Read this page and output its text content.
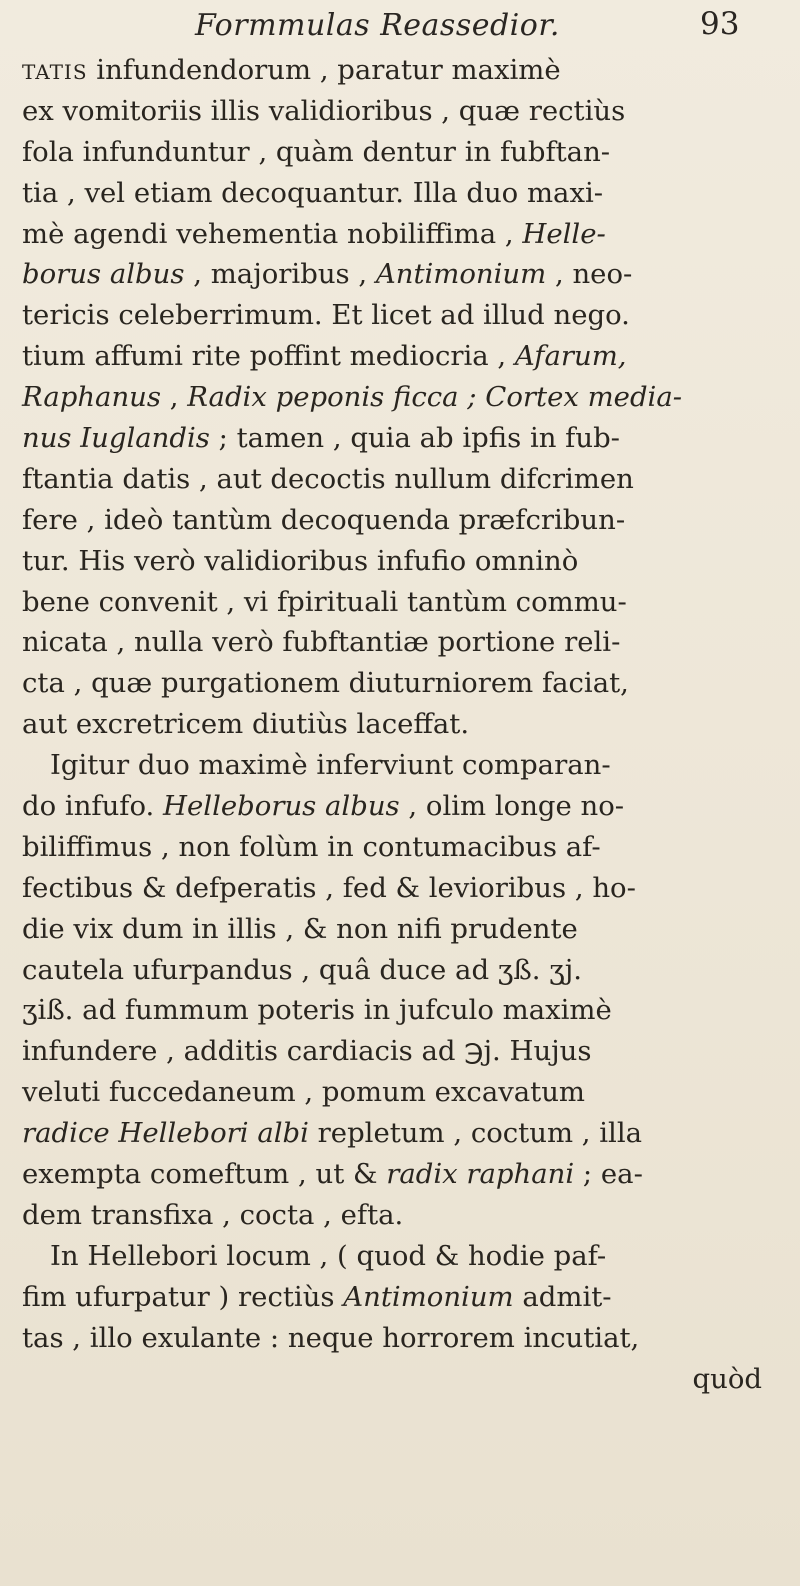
Formmulas Reassedior.	93
TATIS infundendorum , paratur maximè
ex vomitoriis illis validioribus , quæ rectiùs
fola infunduntur , quàm dentur in fubftan-
tia , vel etiam decoquantur. Illa duo maxi-
mè agendi vehementia nobiliffima , Helle-
borus albus , majoribus , Antimonium , neo-
tericis celeberrimum. Et licet ad illud nego.
tium affumi rite poffint mediocria , Afarum,
Raphanus , Radix peponis ficca ; Cortex media-
nus Iuglandis ; tamen , quia ab ipfis in fub-
ftantia datis , aut decoctis nullum difcrimen
fere , ideò tantùm decoquenda præfcribun-
tur. His verò validioribus infufio omninò
bene convenit , vi fpirituali tantùm commu-
nicata , nulla verò fubftantiæ portione reli-
cta , quæ purgationem diuturniorem faciat,
aut excretricem diutiùs laceffat.
Igitur duo maximè inferviunt comparan-
do infufo. Helleborus albus , olim longe no-
biliffimus , non folùm in contumacibus af-
fectibus & defperatis , fed & levioribus , ho-
die vix dum in illis , & non nifi prudente
cautela ufurpandus , quâ duce ad ʒß. ʒj.
ʒiß. ad fummum poteris in jufculo maximè
infundere , additis cardiacis ad ℈j. Hujus
veluti fuccedaneum , pomum excavatum
radice Hellebori albi repletum , coctum , illa
exempta comeftum , ut & radix raphani ; ea-
dem transfixa , cocta , efta.
In Hellebori locum , ( quod & hodie paf-
fim ufurpatur ) rectiùs Antimonium admit-
tas , illo exulante : neque horrorem incutiat,
quòd
